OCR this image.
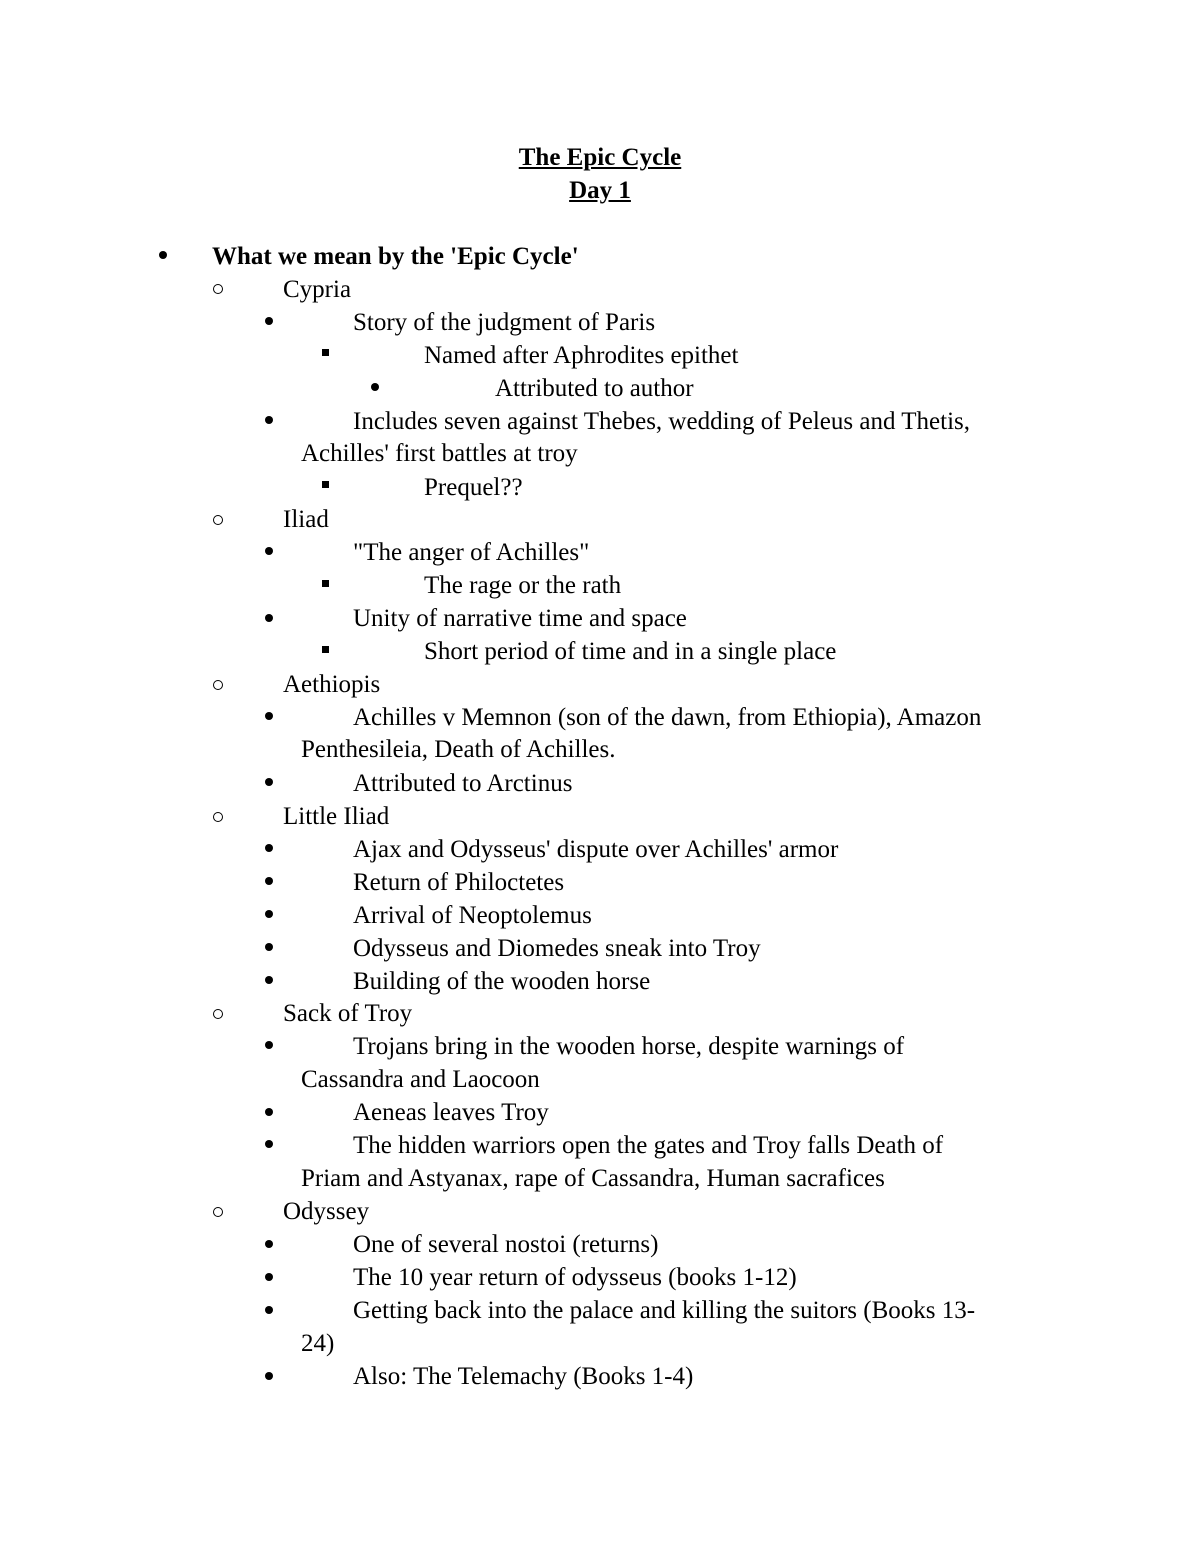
The Epic Cycle
Day 1
What we mean by the 'Epic Cycle'
Cypria
Story of the judgment of Paris
Named after Aphrodites epithet
Attributed to author
Includes seven against Thebes, wedding of Peleus and Thetis,
Achilles' first battles at troy
Prequel??
Iliad
"The anger of Achilles"
The rage or the rath
Unity of narrative time and space
Short period of time and in a single place
Aethiopis
Achilles v Memnon (son of the dawn, from Ethiopia), Amazon
Penthesileia, Death of Achilles.
Attributed to Arctinus
Little Iliad
Ajax and Odysseus' dispute over Achilles' armor
Return of Philoctetes
Arrival of Neoptolemus
Odysseus and Diomedes sneak into Troy
Building of the wooden horse
Sack of Troy
Trojans bring in the wooden horse, despite warnings of
Cassandra and Laocoon
Aeneas leaves Troy
The hidden warriors open the gates and Troy falls Death of
Priam and Astyanax, rape of Cassandra, Human sacrafices
Odyssey
One of several nostoi (returns)
The 10 year return of odysseus (books 1-12)
Getting back into the palace and killing the suitors (Books 13-
24)
Also: The Telemachy (Books 1-4)
